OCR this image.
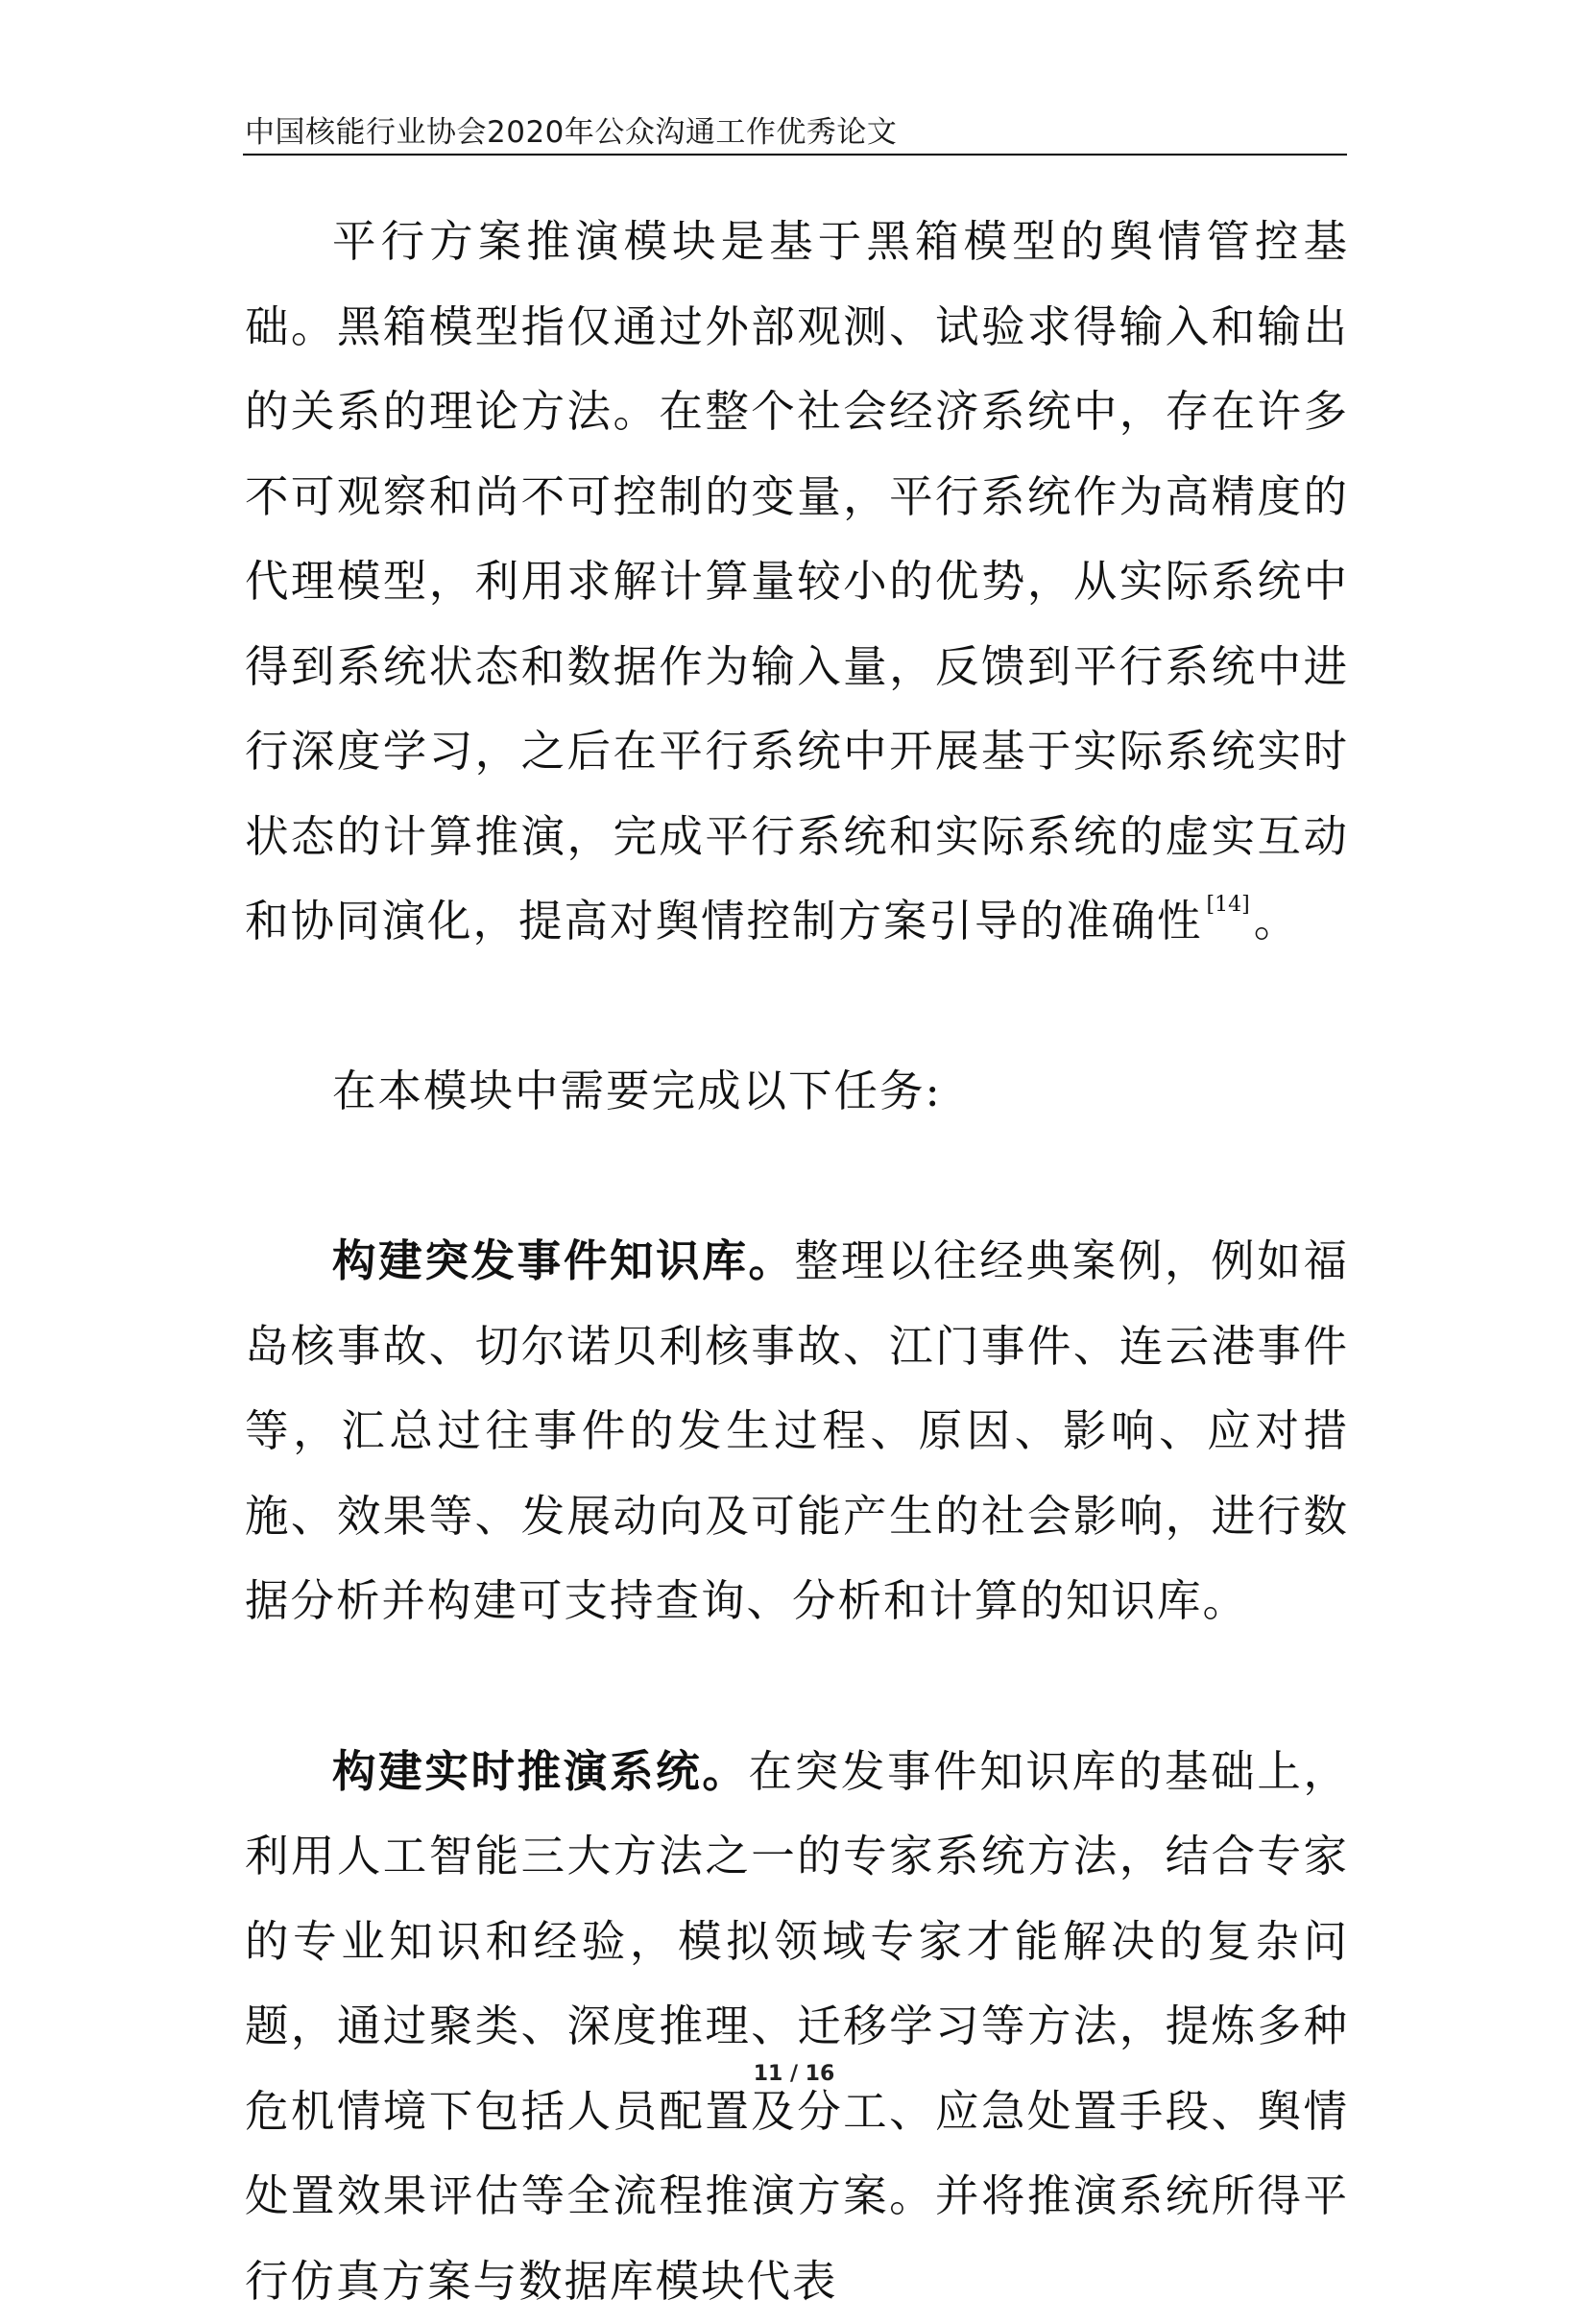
中国核能行业协会2020年公众沟通工作优秀论文

平行方案推演模块是基于黑箱模型的舆情管控基础。黑箱模型指仅通过外部观测、试验求得输入和输出的关系的理论方法。在整个社会经济系统中，存在许多不可观察和尚不可控制的变量，平行系统作为高精度的代理模型，利用求解计算量较小的优势，从实际系统中得到系统状态和数据作为输入量，反馈到平行系统中进行深度学习，之后在平行系统中开展基于实际系统实时状态的计算推演，完成平行系统和实际系统的虚实互动和协同演化，提高对舆情控制方案引导的准确性 [14]。

在本模块中需要完成以下任务:

构建突发事件知识库。整理以往经典案例，例如福岛核事故、切尔诺贝利核事故、江门事件、连云港事件等，汇总过往事件的发生过程、原因、影响、应对措施、效果等、发展动向及可能产生的社会影响，进行数据分析并构建可支持查询、分析和计算的知识库。

构建实时推演系统。在突发事件知识库的基础上，利用人工智能三大方法之一的专家系统方法，结合专家的专业知识和经验，模拟领域专家才能解决的复杂问题，通过聚类、深度推理、迁移学习等方法，提炼多种危机情境下包括人员配置及分工、应急处置手段、舆情处置效果评估等全流程推演方案。并将推演系统所得平行仿真方案与数据库模块代表

11 / 16
